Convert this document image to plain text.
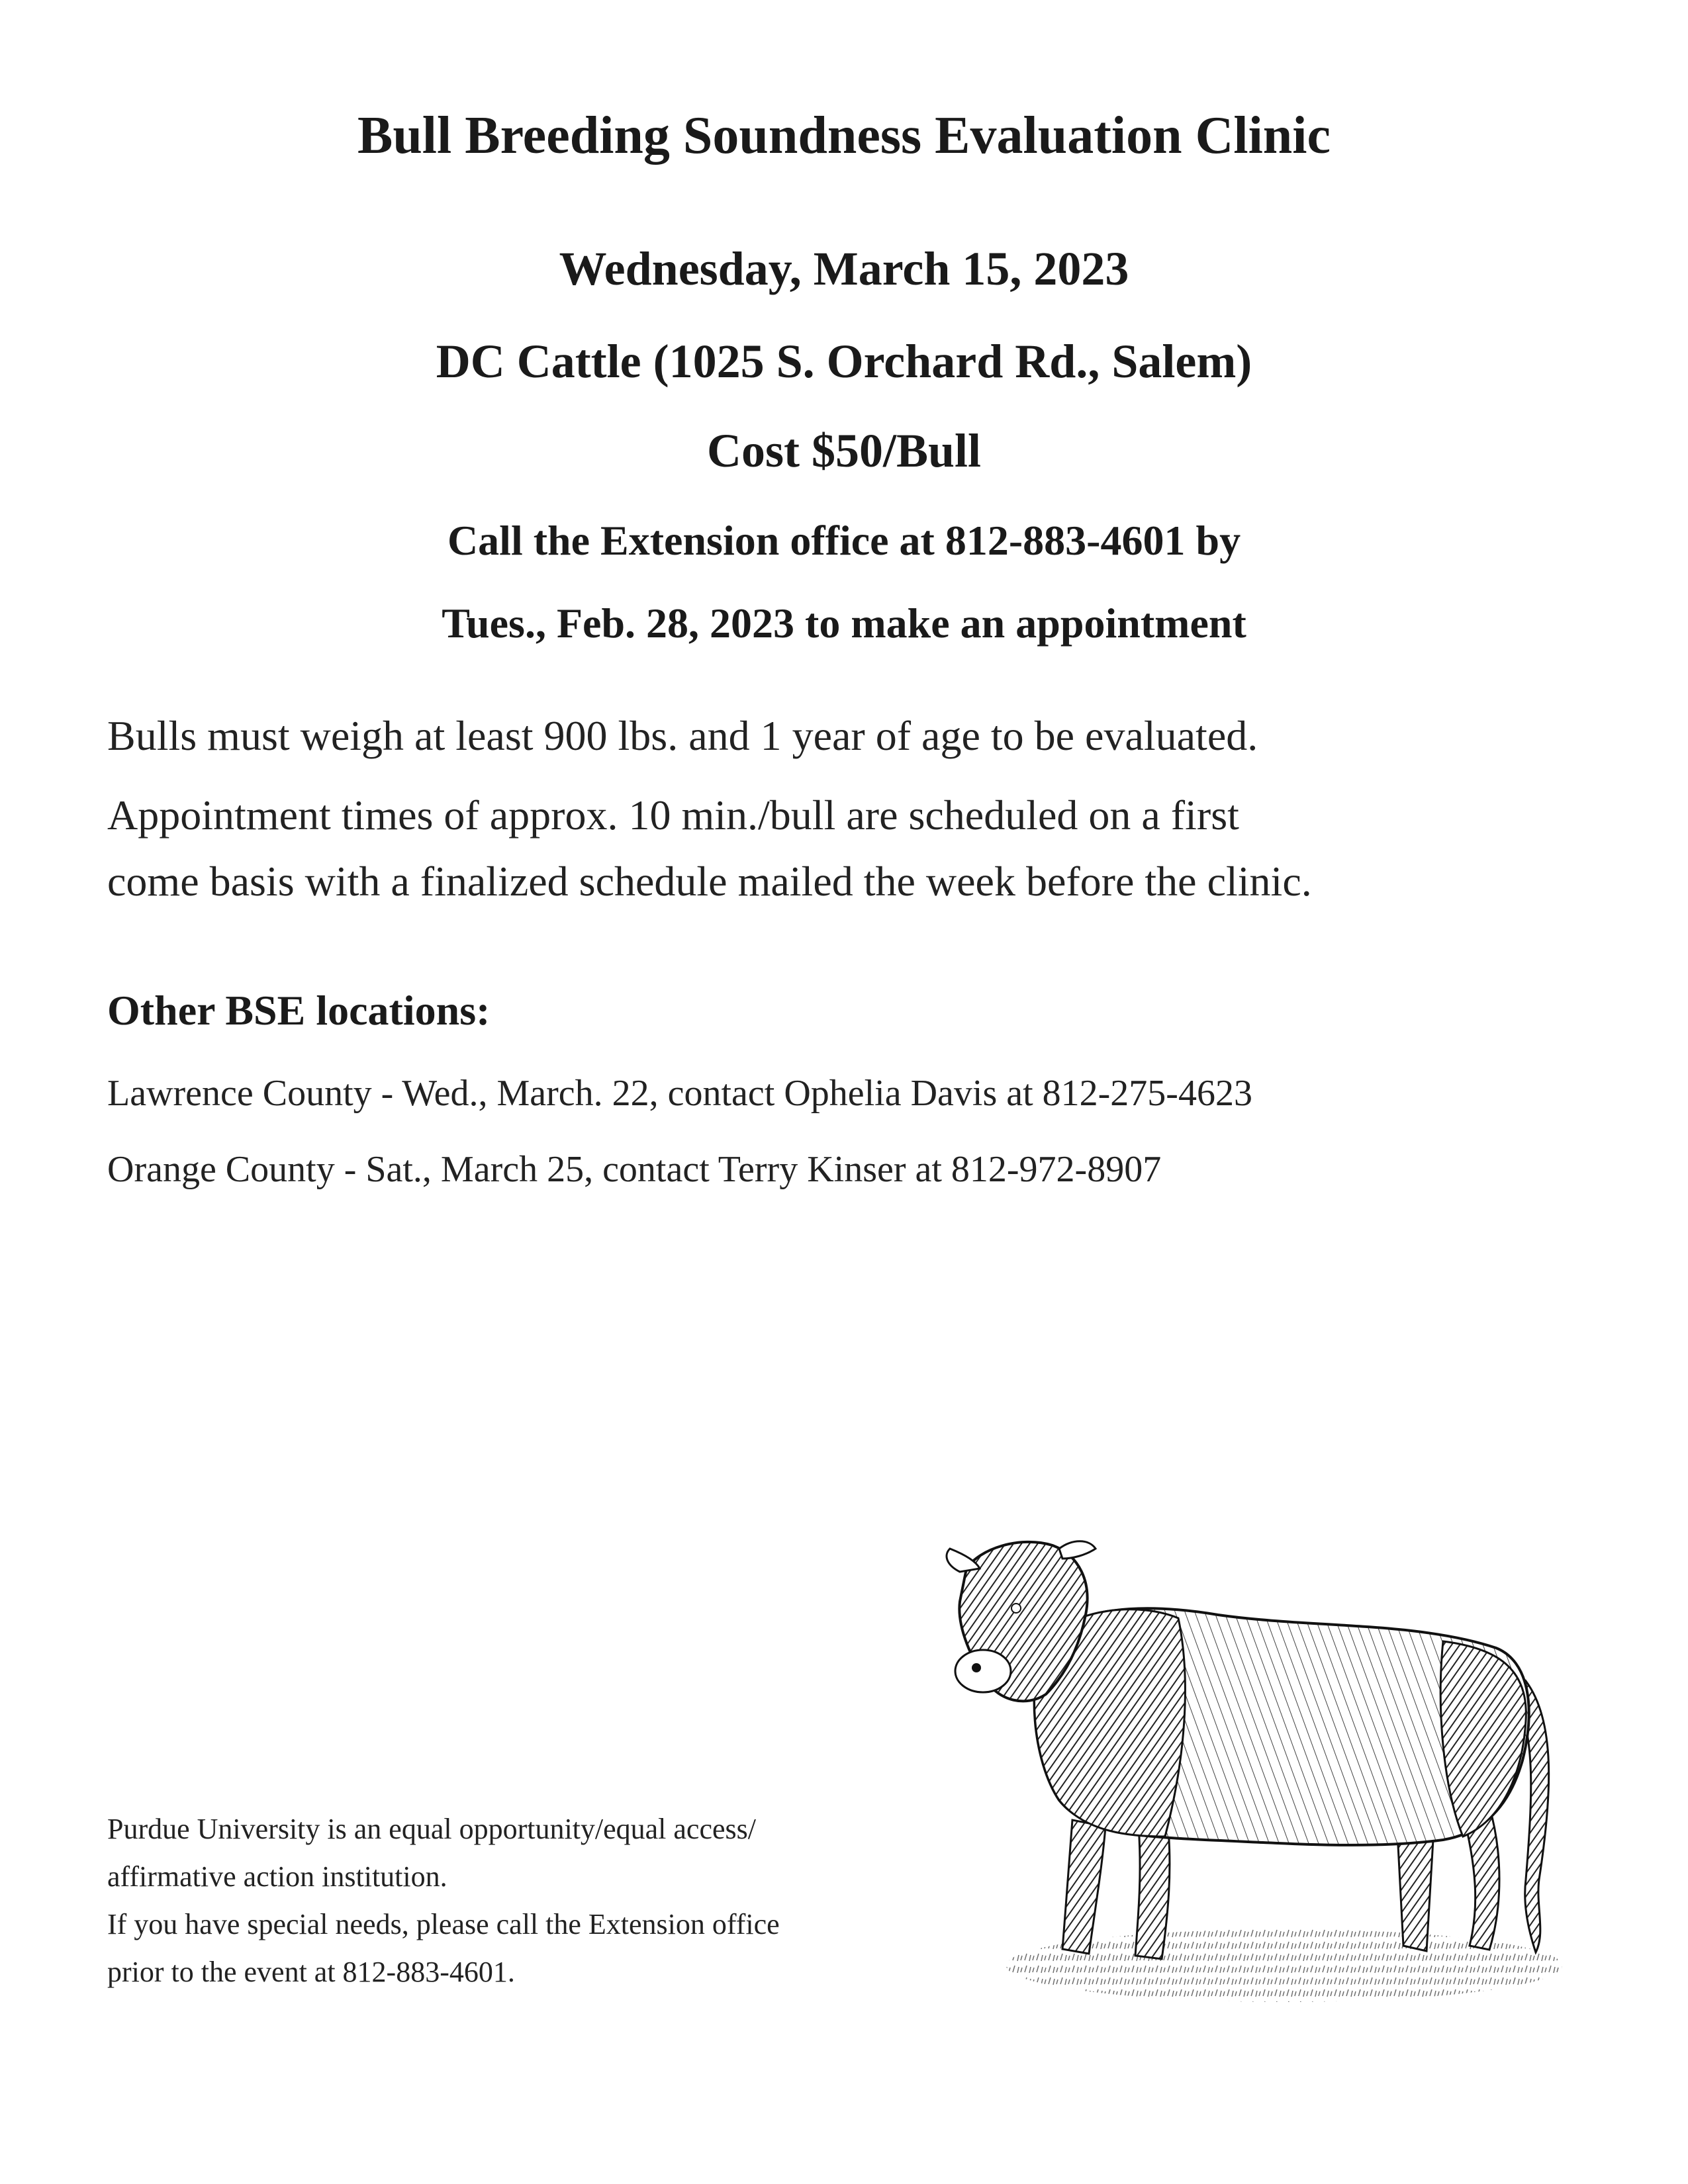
Bull Breeding Soundness Evaluation Clinic
Wednesday, March 15, 2023
DC Cattle (1025 S. Orchard Rd., Salem)
Cost $50/Bull
Call the Extension office at 812-883-4601 by
Tues., Feb. 28, 2023 to make an appointment
Bulls must weigh at least 900 lbs. and 1 year of age to be evaluated.
Appointment times of approx. 10 min./bull are scheduled on a first
come basis with a finalized schedule mailed the week before the clinic.
Other BSE locations:
Lawrence County - Wed., March. 22, contact Ophelia Davis at 812-275-4623
Orange County - Sat., March 25, contact Terry Kinser at 812-972-8907
Purdue University is an equal opportunity/equal access/
affirmative action institution.
If you have special needs, please call the Extension office
prior to the event at 812-883-4601.
